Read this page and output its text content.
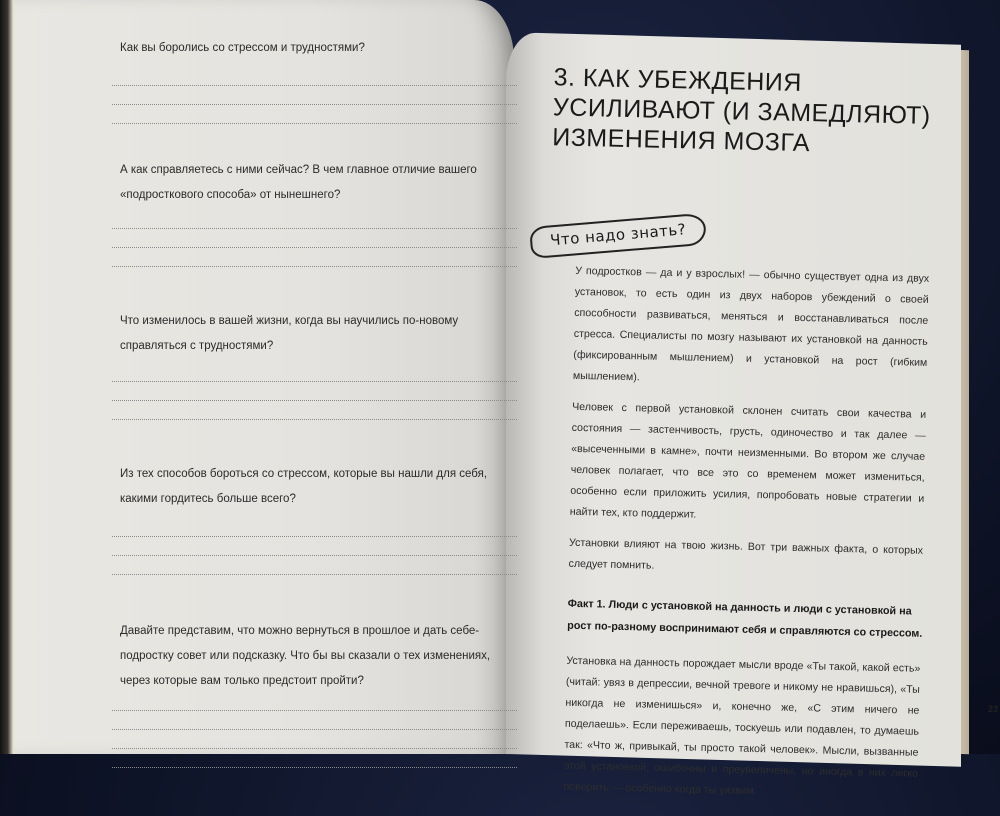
Как вы боролись со стрессом и трудностями?

А как справляетесь с ними сейчас? В чем главное отличие вашего «подросткового способа» от нынешнего?

Что изменилось в вашей жизни, когда вы научились по-новому справляться с трудностями?

Из тех способов бороться со стрессом, которые вы нашли для себя, какими гордитесь больше всего?

Давайте представим, что можно вернуться в прошлое и дать себе-подростку совет или подсказку. Что бы вы сказали о тех изменениях, через которые вам только предстоит пройти?

3. КАК УБЕЖДЕНИЯ УСИЛИВАЮТ (И ЗАМЕДЛЯЮТ) ИЗМЕНЕНИЯ МОЗГА
Что надо знать?

У подростков — да и у взрослых! — обычно существует одна из двух установок, то есть один из двух наборов убеждений о своей способности развиваться, меняться и восстанавливаться после стресса. Специалисты по мозгу называют их установкой на данность (фиксированным мышлением) и установкой на рост (гибким мышлением).

Человек с первой установкой склонен считать свои качества и состояния — застенчивость, грусть, одиночество и так далее — «высеченными в камне», почти неизменными. Во втором же случае человек полагает, что все это со временем может измениться, особенно если приложить усилия, попробовать новые стратегии и найти тех, кто поддержит.

Установки влияют на твою жизнь. Вот три важных факта, о которых следует помнить.

Факт 1. Люди с установкой на данность и люди с установкой на рост по-разному воспринимают себя и справляются со стрессом.

Установка на данность порождает мысли вроде «Ты такой, какой есть» (читай: увяз в депрессии, вечной тревоге и никому не нравишься), «Ты никогда не изменишься» и, конечно же, «С этим ничего не поделаешь». Если переживаешь, тоскуешь или подавлен, то думаешь так: «Что ж, привыкай, ты просто такой человек». Мысли, вызванные этой установкой, ошибочны и преувеличены, но иногда в них легко поверить — особенно когда ты уязвим.

23
